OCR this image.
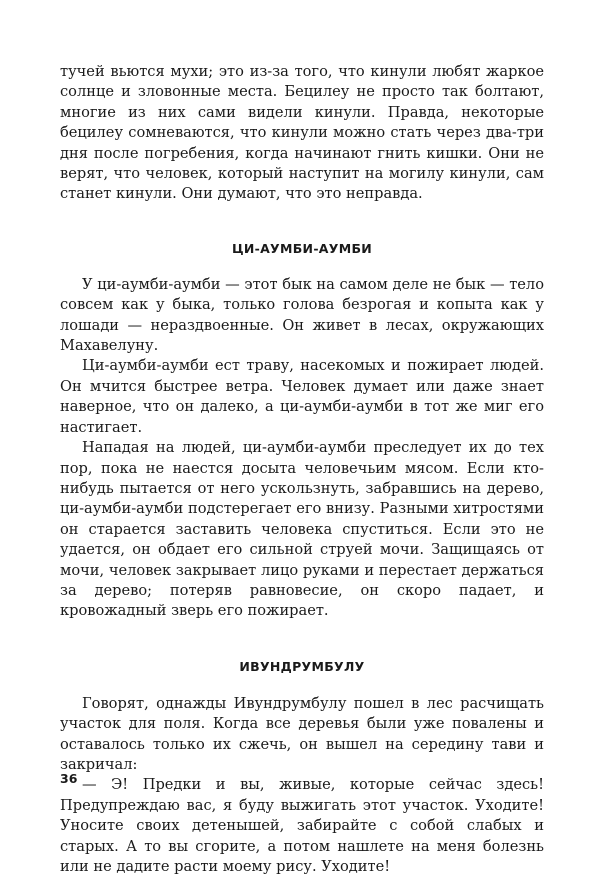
тучей вьются мухи; это из-за того, что кинули любят жаркое солнце и зловонные места. Бецилеу не просто так болтают, многие из них сами видели кинули. Правда, некоторые бецилеу сомневаются, что кинули можно стать через два-три дня после погребения, когда начинают гнить кишки. Они не верят, что человек, который наступит на могилу кинули, сам станет кинули. Они думают, что это неправда.

ЦИ-АУМБИ-АУМБИ

У ци-аумби-аумби — этот бык на самом деле не бык — тело совсем как у быка, только голова безрогая и копыта как у лошади — нераздвоенные. Он живет в лесах, окружающих Махавелуну.

Ци-аумби-аумби ест траву, насекомых и пожирает людей. Он мчится быстрее ветра. Человек думает или даже знает наверное, что он далеко, а ци-аумби-аумби в тот же миг его настигает.

Нападая на людей, ци-аумби-аумби преследует их до тех пор, пока не наестся досыта человечьим мясом. Если кто-нибудь пытается от него ускользнуть, забравшись на дерево, ци-аумби-аумби подстерегает его внизу. Разными хитростями он старается заставить человека спуститься. Если это не удается, он обдает его сильной струей мочи. Защищаясь от мочи, человек закрывает лицо руками и перестает держаться за дерево; потеряв равновесие, он скоро падает, и кровожадный зверь его пожирает.

ИВУНДРУМБУЛУ

Говорят, однажды Ивундрумбулу пошел в лес расчищать участок для поля. Когда все деревья были уже повалены и оставалось только их сжечь, он вышел на середину тави и закричал:

— Э! Предки и вы, живые, которые сейчас здесь! Предупреждаю вас, я буду выжигать этот участок. Уходите! Уносите своих детенышей, забирайте с собой слабых и старых. А то вы сгорите, а потом нашлете на меня болезнь или не дадите расти моему рису. Уходите!

36
